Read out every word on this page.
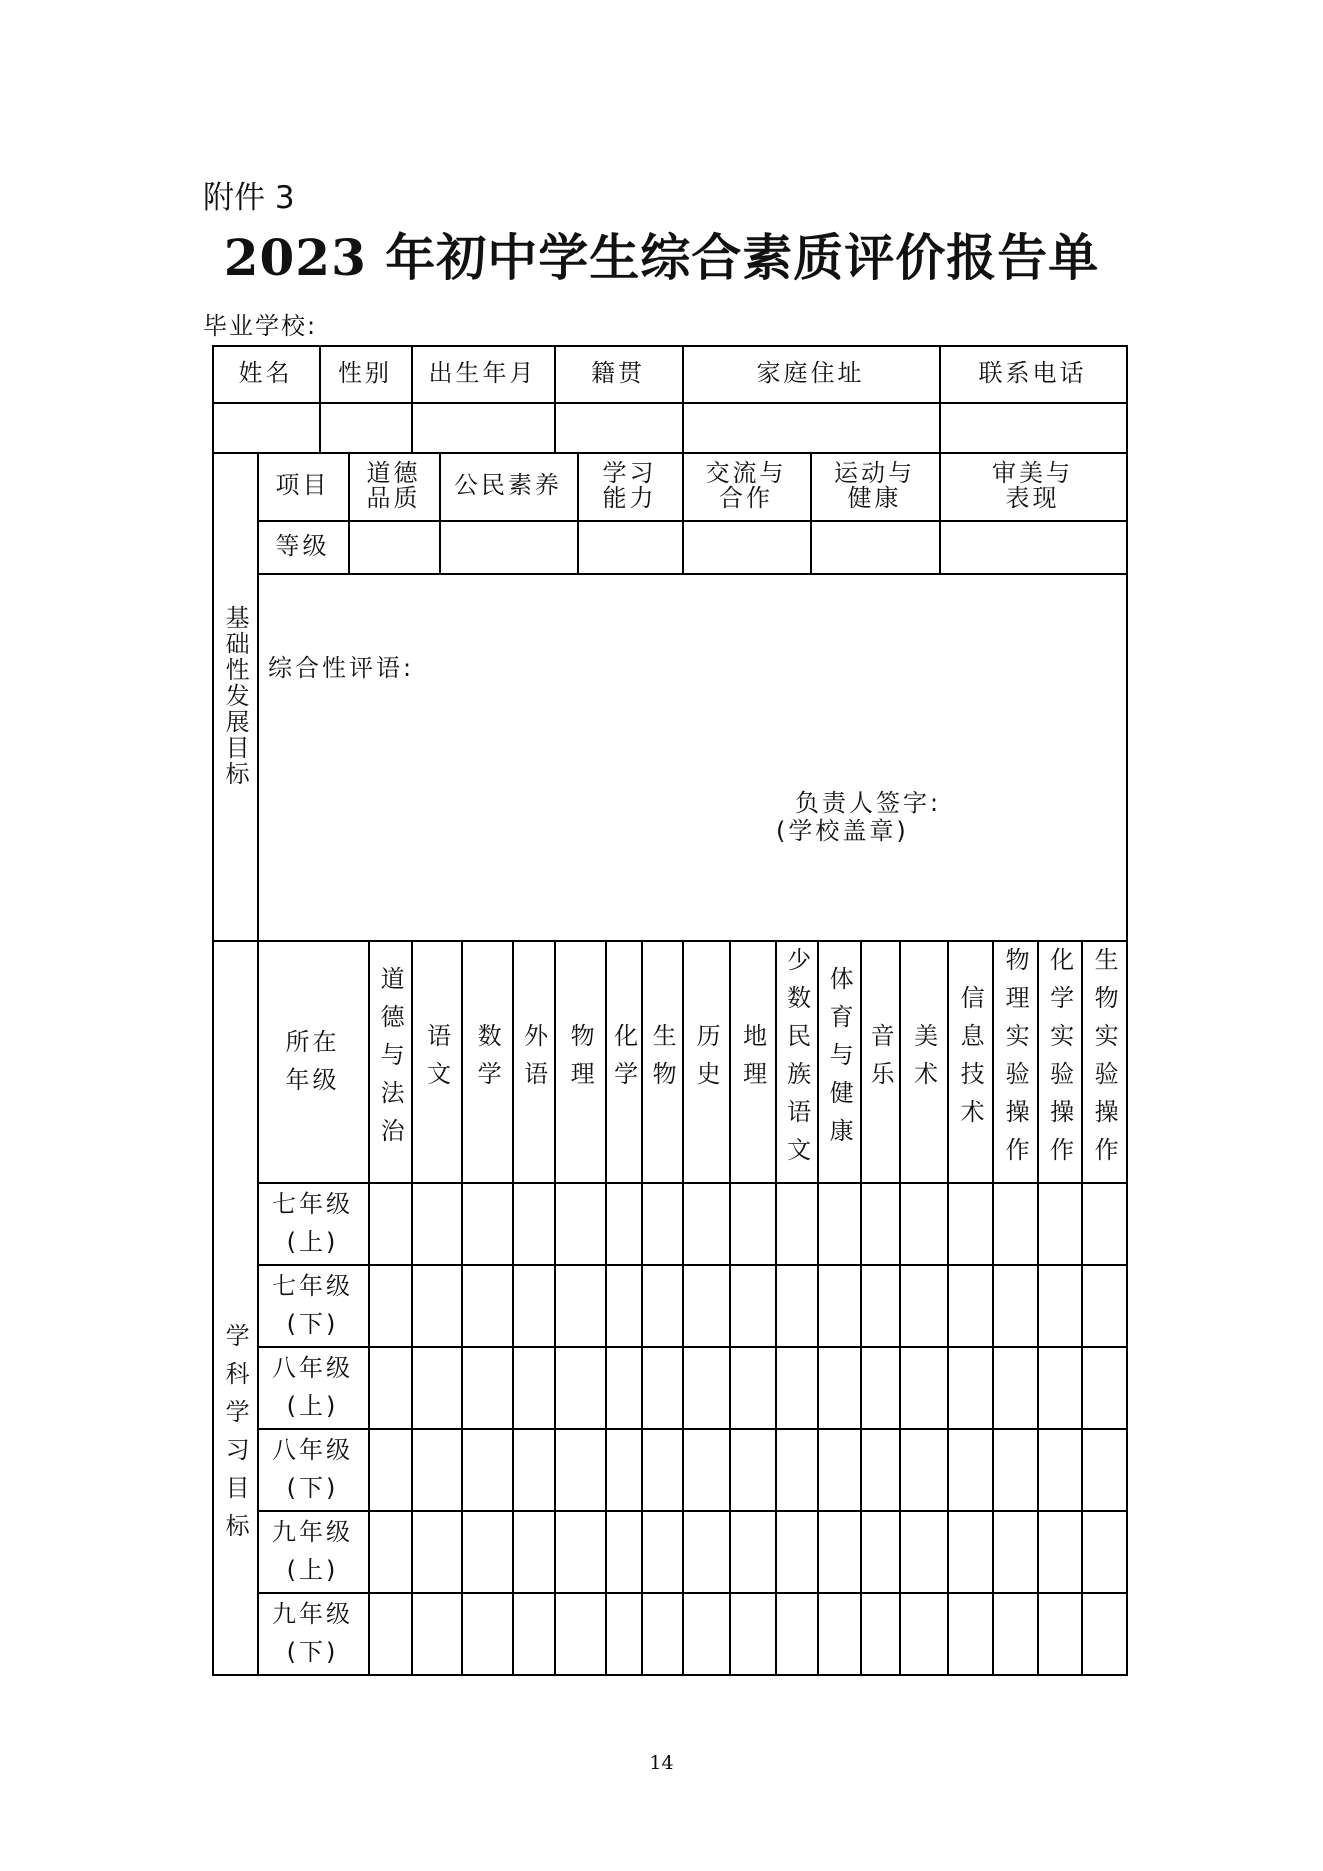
附件 3
2023 年初中学生综合素质评价报告单
毕业学校:
姓名 性别 出生年月 籍贯	家庭住址	联系电话
基础性发展目标
项目
等级
道德
品质 公民素养 学习
能力
交流与
合作
运动与
健康
审美与
表现
综合性评语:
负责人签字:
(学校盖章)
学科学习目标
所在
年级 道德与法治 语文 数学 外语 物理 化学 生物 历史 地理 少数民族语文 体育与健康 音乐 美术 信息技术 物理实验操作 化学实验操作 生物实验操作
七年级
(上)
七年级
(下)
八年级
(上)
八年级
(下)
九年级
(上)
九年级
(下)
14
